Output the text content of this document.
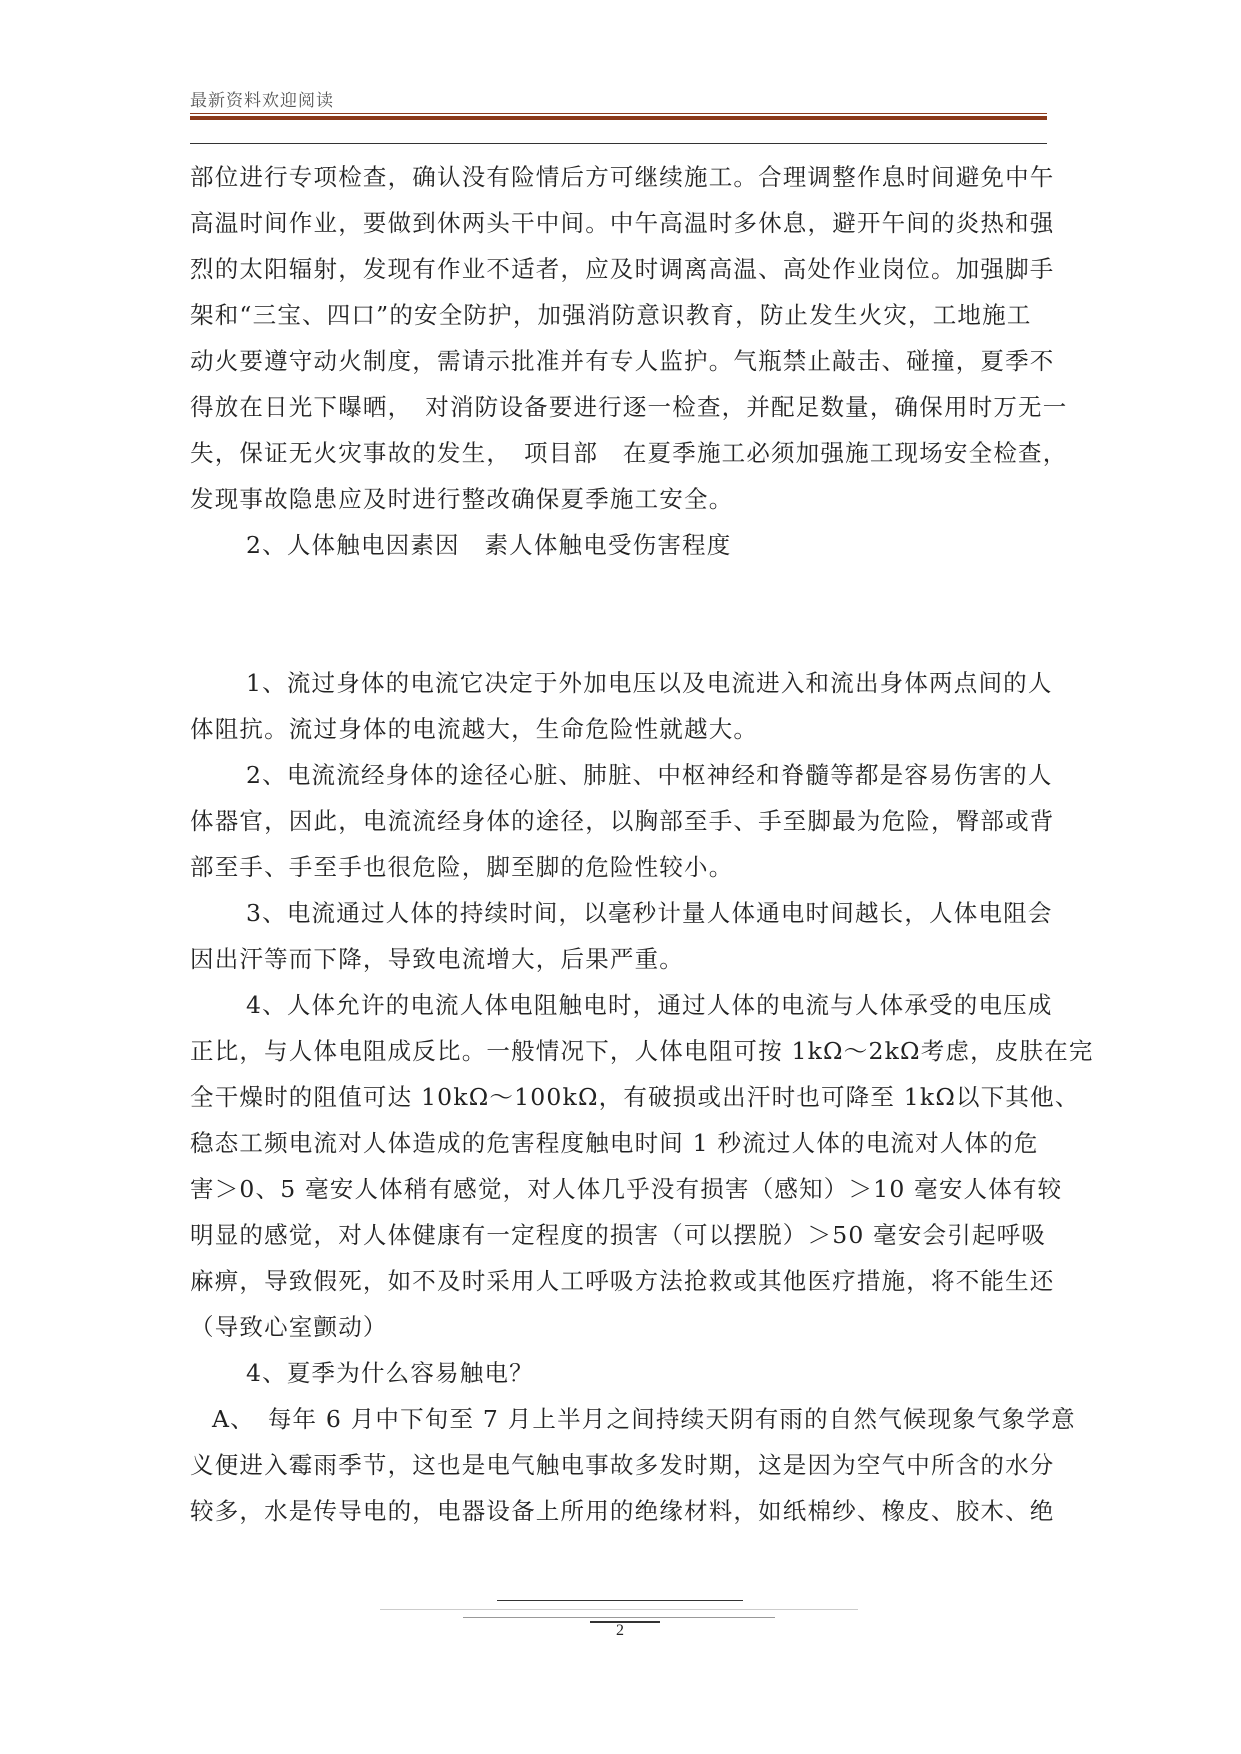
最新资料欢迎阅读
部位进行专项检查，确认没有险情后方可继续施工。合理调整作息时间避免中午
高温时间作业，要做到休两头干中间。中午高温时多休息，避开午间的炎热和强
烈的太阳辐射，发现有作业不适者，应及时调离高温、高处作业岗位。加强脚手
架和“三宝、四口”的安全防护，加强消防意识教育，防止发生火灾，工地施工
动火要遵守动火制度，需请示批准并有专人监护。气瓶禁止敲击、碰撞，夏季不
得放在日光下曝晒，　对消防设备要进行逐一检查，并配足数量，确保用时万无一
失，保证无火灾事故的发生，　项目部　在夏季施工必须加强施工现场安全检查，
发现事故隐患应及时进行整改确保夏季施工安全。
2、人体触电因素因　素人体触电受伤害程度
1、流过身体的电流它决定于外加电压以及电流进入和流出身体两点间的人
体阻抗。流过身体的电流越大，生命危险性就越大。
2、电流流经身体的途径心脏、肺脏、中枢神经和脊髓等都是容易伤害的人
体器官，因此，电流流经身体的途径，以胸部至手、手至脚最为危险，臀部或背
部至手、手至手也很危险，脚至脚的危险性较小。
3、电流通过人体的持续时间，以毫秒计量人体通电时间越长，人体电阻会
因出汗等而下降，导致电流增大，后果严重。
4、人体允许的电流人体电阻触电时，通过人体的电流与人体承受的电压成
正比，与人体电阻成反比。一般情况下，人体电阻可按 1kΩ～2kΩ考虑，皮肤在完
全干燥时的阻值可达 10kΩ～100kΩ，有破损或出汗时也可降至 1kΩ以下其他、
稳态工频电流对人体造成的危害程度触电时间 1 秒流过人体的电流对人体的危
害＞0、5 毫安人体稍有感觉，对人体几乎没有损害（感知）＞10 毫安人体有较
明显的感觉，对人体健康有一定程度的损害（可以摆脱）＞50 毫安会引起呼吸
麻痹，导致假死，如不及时采用人工呼吸方法抢救或其他医疗措施，将不能生还
（导致心室颤动）
4、夏季为什么容易触电？
A、　每年 6 月中下旬至 7 月上半月之间持续天阴有雨的自然气候现象气象学意
义便进入霉雨季节，这也是电气触电事故多发时期，这是因为空气中所含的水分
较多，水是传导电的，电器设备上所用的绝缘材料，如纸棉纱、橡皮、胶木、绝
2
